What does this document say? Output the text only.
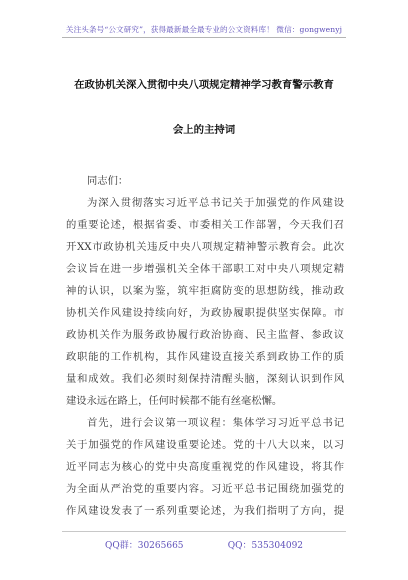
关注头条号“公文研究”，获得最新最全最专业的公文资料库！ 微信：gongwenyj
在政协机关深入贯彻中央八项规定精神学习教育警示教育
会上的主持词
同志们：
为深入贯彻落实习近平总书记关于加强党的作风建设
的重要论述，根据省委、市委相关工作部署，今天我们召
开XX市政协机关违反中央八项规定精神警示教育会。此次
会议旨在进一步增强机关全体干部职工对中央八项规定精
神的认识，以案为鉴，筑牢拒腐防变的思想防线，推动政
协机关作风建设持续向好，为政协履职提供坚实保障。市
政协机关作为服务政协履行政治协商、民主监督、参政议
政职能的工作机构，其作风建设直接关系到政协工作的质
量和成效。我们必须时刻保持清醒头脑，深刻认识到作风
建设永远在路上，任何时候都不能有丝毫松懈。
首先，进行会议第一项议程：集体学习习近平总书记
关于加强党的作风建设重要论述。党的十八大以来，以习
近平同志为核心的党中央高度重视党的作风建设，将其作
为全面从严治党的重要内容。习近平总书记围绕加强党的
作风建设发表了一系列重要论述，为我们指明了方向，提
QQ群：30265665	QQ：535304092
